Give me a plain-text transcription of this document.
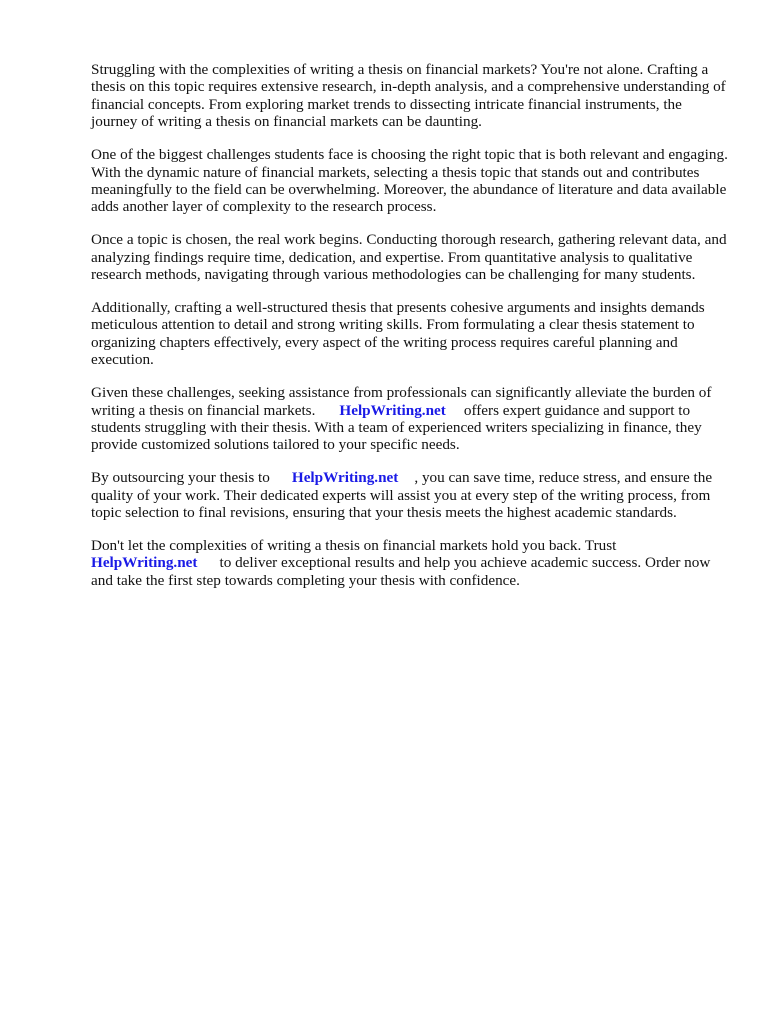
Struggling with the complexities of writing a thesis on financial markets? You're not alone. Crafting a thesis on this topic requires extensive research, in-depth analysis, and a comprehensive understanding of financial concepts. From exploring market trends to dissecting intricate financial instruments, the journey of writing a thesis on financial markets can be daunting.

One of the biggest challenges students face is choosing the right topic that is both relevant and engaging. With the dynamic nature of financial markets, selecting a thesis topic that stands out and contributes meaningfully to the field can be overwhelming. Moreover, the abundance of literature and data available adds another layer of complexity to the research process.

Once a topic is chosen, the real work begins. Conducting thorough research, gathering relevant data, and analyzing findings require time, dedication, and expertise. From quantitative analysis to qualitative research methods, navigating through various methodologies can be challenging for many students.

Additionally, crafting a well-structured thesis that presents cohesive arguments and insights demands meticulous attention to detail and strong writing skills. From formulating a clear thesis statement to organizing chapters effectively, every aspect of the writing process requires careful planning and execution.

Given these challenges, seeking assistance from professionals can significantly alleviate the burden of writing a thesis on financial markets. HelpWriting.net offers expert guidance and support to students struggling with their thesis. With a team of experienced writers specializing in finance, they provide customized solutions tailored to your specific needs.

By outsourcing your thesis to HelpWriting.net , you can save time, reduce stress, and ensure the quality of your work. Their dedicated experts will assist you at every step of the writing process, from topic selection to final revisions, ensuring that your thesis meets the highest academic standards.

Don't let the complexities of writing a thesis on financial markets hold you back. Trust
HelpWriting.net to deliver exceptional results and help you achieve academic success. Order now and take the first step towards completing your thesis with confidence.
